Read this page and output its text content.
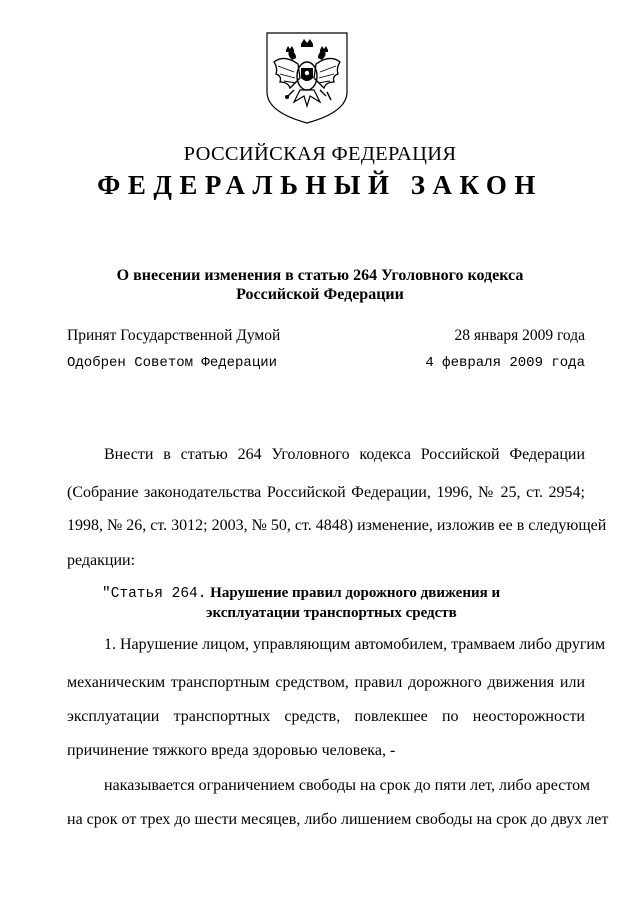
РОССИЙСКАЯ ФЕДЕРАЦИЯ
ФЕДЕРАЛЬНЫЙ ЗАКОН
О внесении изменения в статью 264 Уголовного кодекса
Российской Федерации
Принят Государственной Думой	28 января 2009 года
Одобрен Советом Федерации	4 февраля 2009 года
Внести в статью 264 Уголовного кодекса Российской Федерации
(Собрание законодательства Российской Федерации, 1996, № 25, ст. 2954;
1998, № 26, ст. 3012; 2003, № 50, ст. 4848) изменение, изложив ее в следующей
редакции:
"Статья 264. Нарушение правил дорожного движения и
эксплуатации транспортных средств
1. Нарушение лицом, управляющим автомобилем, трамваем либо другим
механическим транспортным средством, правил дорожного движения или
эксплуатации транспортных средств, повлекшее по неосторожности
причинение тяжкого вреда здоровью человека, -
наказывается ограничением свободы на срок до пяти лет, либо арестом
на срок от трех до шести месяцев, либо лишением свободы на срок до двух лет
